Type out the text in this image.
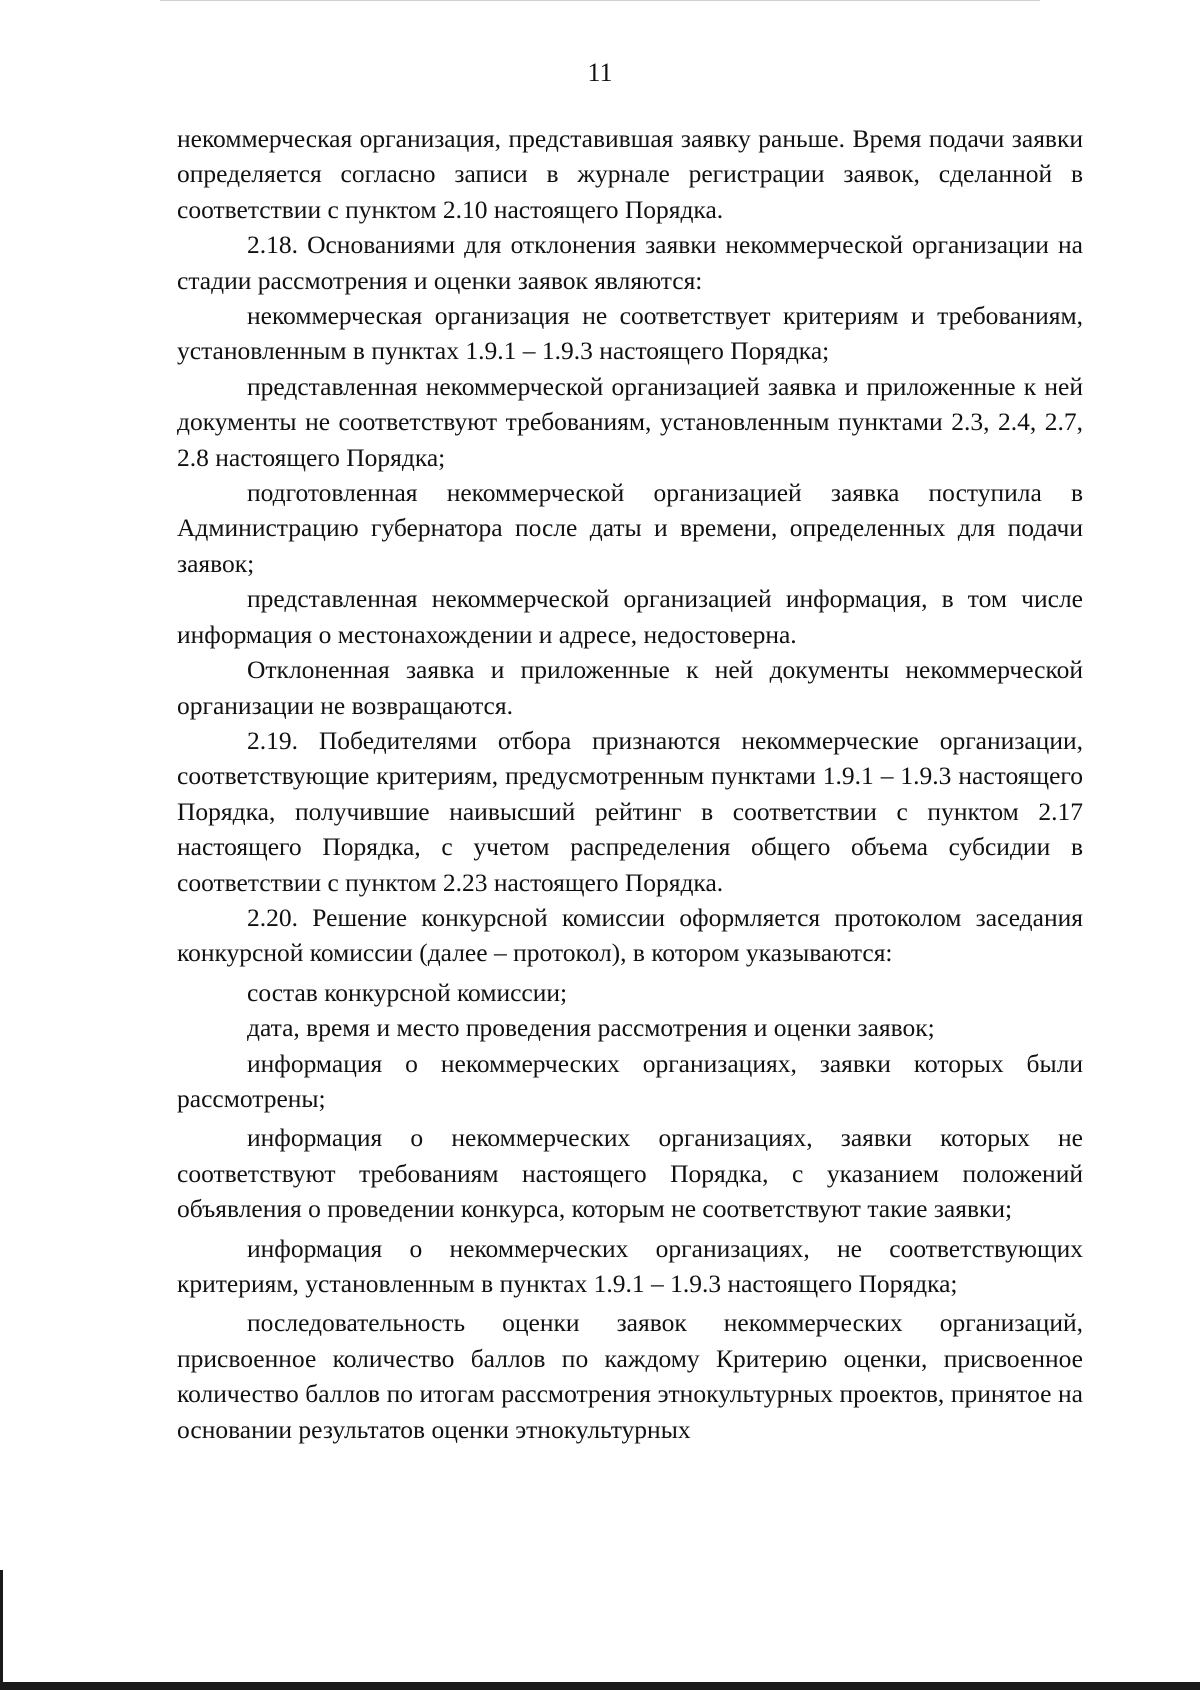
11

некоммерческая организация, представившая заявку раньше. Время подачи заявки определяется согласно записи в журнале регистрации заявок, сделанной в соответствии с пунктом 2.10 настоящего Порядка.

2.18. Основаниями для отклонения заявки некоммерческой организации на стадии рассмотрения и оценки заявок являются:

некоммерческая организация не соответствует критериям и требованиям, установленным в пунктах 1.9.1 – 1.9.3 настоящего Порядка;

представленная некоммерческой организацией заявка и приложенные к ней документы не соответствуют требованиям, установленным пунктами 2.3, 2.4, 2.7, 2.8 настоящего Порядка;

подготовленная некоммерческой организацией заявка поступила в Администрацию губернатора после даты и времени, определенных для подачи заявок;

представленная некоммерческой организацией информация, в том числе информация о местонахождении и адресе, недостоверна.

Отклоненная заявка и приложенные к ней документы некоммерческой организации не возвращаются.

2.19. Победителями отбора признаются некоммерческие организации, соответствующие критериям, предусмотренным пунктами 1.9.1 – 1.9.3 настоящего Порядка, получившие наивысший рейтинг в соответствии с пунктом 2.17 настоящего Порядка, с учетом распределения общего объема субсидии в соответствии с пунктом 2.23 настоящего Порядка.

2.20. Решение конкурсной комиссии оформляется протоколом заседания конкурсной комиссии (далее – протокол), в котором указываются:

состав конкурсной комиссии;

дата, время и место проведения рассмотрения и оценки заявок;

информация о некоммерческих организациях, заявки которых были рассмотрены;

информация о некоммерческих организациях, заявки которых не соответствуют требованиям настоящего Порядка, с указанием положений объявления о проведении конкурса, которым не соответствуют такие заявки;

информация о некоммерческих организациях, не соответствующих критериям, установленным в пунктах 1.9.1 – 1.9.3 настоящего Порядка;

последовательность оценки заявок некоммерческих организаций, присвоенное количество баллов по каждому Критерию оценки, присвоенное количество баллов по итогам рассмотрения этнокультурных проектов, принятое на основании результатов оценки этнокультурных
